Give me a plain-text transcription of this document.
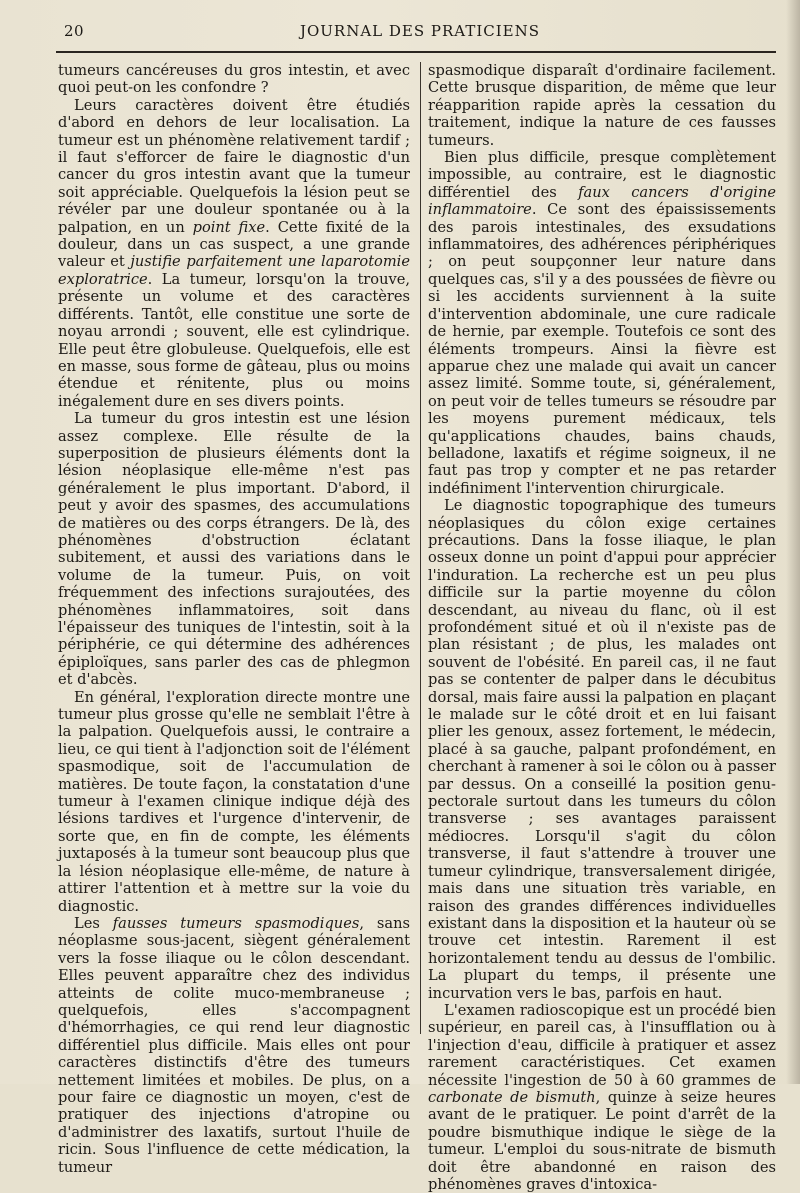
20	JOURNAL DES PRATICIENS

tumeurs cancéreuses du gros intestin, et avec quoi peut-on les confondre ?

Leurs caractères doivent être étudiés d'abord en dehors de leur localisation. La tumeur est un phénomène relativement tardif ; il faut s'efforcer de faire le diagnostic d'un cancer du gros intestin avant que la tumeur soit appréciable. Quelquefois la lésion peut se révéler par une douleur spontanée ou à la palpation, en un point fixe. Cette fixité de la douleur, dans un cas suspect, a une grande valeur et justifie parfaitement une laparotomie exploratrice. La tumeur, lorsqu'on la trouve, présente un volume et des caractères différents. Tantôt, elle constitue une sorte de noyau arrondi ; souvent, elle est cylindrique. Elle peut être globuleuse. Quelquefois, elle est en masse, sous forme de gâteau, plus ou moins étendue et rénitente, plus ou moins inégalement dure en ses divers points.

La tumeur du gros intestin est une lésion assez complexe. Elle résulte de la superposition de plusieurs éléments dont la lésion néoplasique elle-même n'est pas généralement le plus important. D'abord, il peut y avoir des spasmes, des accumulations de matières ou des corps étrangers. De là, des phénomènes d'obstruction éclatant subitement, et aussi des variations dans le volume de la tumeur. Puis, on voit fréquemment des infections surajoutées, des phénomènes inflammatoires, soit dans l'épaisseur des tuniques de l'intestin, soit à la périphérie, ce qui détermine des adhérences épiploïques, sans parler des cas de phlegmon et d'abcès.

En général, l'exploration directe montre une tumeur plus grosse qu'elle ne semblait l'être à la palpation. Quelquefois aussi, le contraire a lieu, ce qui tient à l'adjonction soit de l'élément spasmodique, soit de l'accumulation de matières. De toute façon, la constatation d'une tumeur à l'examen clinique indique déjà des lésions tardives et l'urgence d'intervenir, de sorte que, en fin de compte, les éléments juxtaposés à la tumeur sont beaucoup plus que la lésion néoplasique elle-même, de nature à attirer l'attention et à mettre sur la voie du diagnostic.

Les fausses tumeurs spasmodiques, sans néoplasme sous-jacent, siègent généralement vers la fosse iliaque ou le côlon descendant. Elles peuvent apparaître chez des individus atteints de colite muco-membraneuse ; quelquefois, elles s'accompagnent d'hémorrhagies, ce qui rend leur diagnostic différentiel plus difficile. Mais elles ont pour caractères distinctifs d'être des tumeurs nettement limitées et mobiles. De plus, on a pour faire ce diagnostic un moyen, c'est de pratiquer des injections d'atropine ou d'administrer des laxatifs, surtout l'huile de ricin. Sous l'influence de cette médication, la tumeur

spasmodique disparaît d'ordinaire facilement. Cette brusque disparition, de même que leur réapparition rapide après la cessation du traitement, indique la nature de ces fausses tumeurs.

Bien plus difficile, presque complètement impossible, au contraire, est le diagnostic différentiel des faux cancers d'origine inflammatoire. Ce sont des épaississements des parois intestinales, des exsudations inflammatoires, des adhérences périphériques ; on peut soupçonner leur nature dans quelques cas, s'il y a des poussées de fièvre ou si les accidents surviennent à la suite d'intervention abdominale, une cure radicale de hernie, par exemple. Toutefois ce sont des éléments trompeurs. Ainsi la fièvre est apparue chez une malade qui avait un cancer assez limité. Somme toute, si, généralement, on peut voir de telles tumeurs se résoudre par les moyens purement médicaux, tels qu'applications chaudes, bains chauds, belladone, laxatifs et régime soigneux, il ne faut pas trop y compter et ne pas retarder indéfiniment l'intervention chirurgicale.

Le diagnostic topographique des tumeurs néoplasiques du côlon exige certaines précautions. Dans la fosse iliaque, le plan osseux donne un point d'appui pour apprécier l'induration. La recherche est un peu plus difficile sur la partie moyenne du côlon descendant, au niveau du flanc, où il est profondément situé et où il n'existe pas de plan résistant ; de plus, les malades ont souvent de l'obésité. En pareil cas, il ne faut pas se contenter de palper dans le décubitus dorsal, mais faire aussi la palpation en plaçant le malade sur le côté droit et en lui faisant plier les genoux, assez fortement, le médecin, placé à sa gauche, palpant profondément, en cherchant à ramener à soi le côlon ou à passer par dessus. On a conseillé la position genu-pectorale surtout dans les tumeurs du côlon transverse ; ses avantages paraissent médiocres. Lorsqu'il s'agit du côlon transverse, il faut s'attendre à trouver une tumeur cylindrique, transversalement dirigée, mais dans une situation très variable, en raison des grandes différences individuelles existant dans la disposition et la hauteur où se trouve cet intestin. Rarement il est horizontalement tendu au dessus de l'ombilic. La plupart du temps, il présente une incurvation vers le bas, parfois en haut.

L'examen radioscopique est un procédé bien supérieur, en pareil cas, à l'insufflation ou à l'injection d'eau, difficile à pratiquer et assez rarement caractéristiques. Cet examen nécessite l'ingestion de 50 à 60 grammes de carbonate de bismuth, quinze à seize heures avant de le pratiquer. Le point d'arrêt de la poudre bismuthique indique le siège de la tumeur. L'emploi du sous-nitrate de bismuth doit être abandonné en raison des phénomènes graves d'intoxica-
